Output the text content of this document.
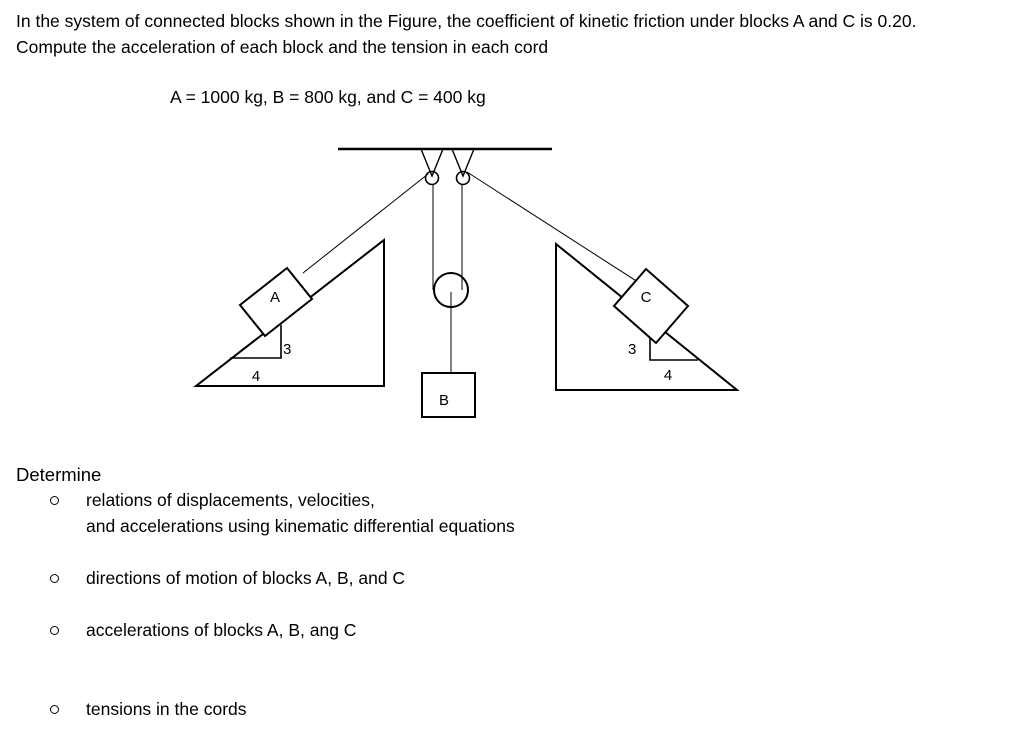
In the system of connected blocks shown in the Figure, the coefficient of kinetic friction under blocks A and C is 0.20.
Compute the acceleration of each block and the tension in each cord

A = 1000 kg, B = 800 kg, and C = 400 kg

A	C
B
3
4
3
4

Determine

relations of displacements, velocities,
and accelerations using kinematic differential equations
directions of motion of blocks A, B, and C
accelerations of blocks A, B, ang C
tensions in the cords
